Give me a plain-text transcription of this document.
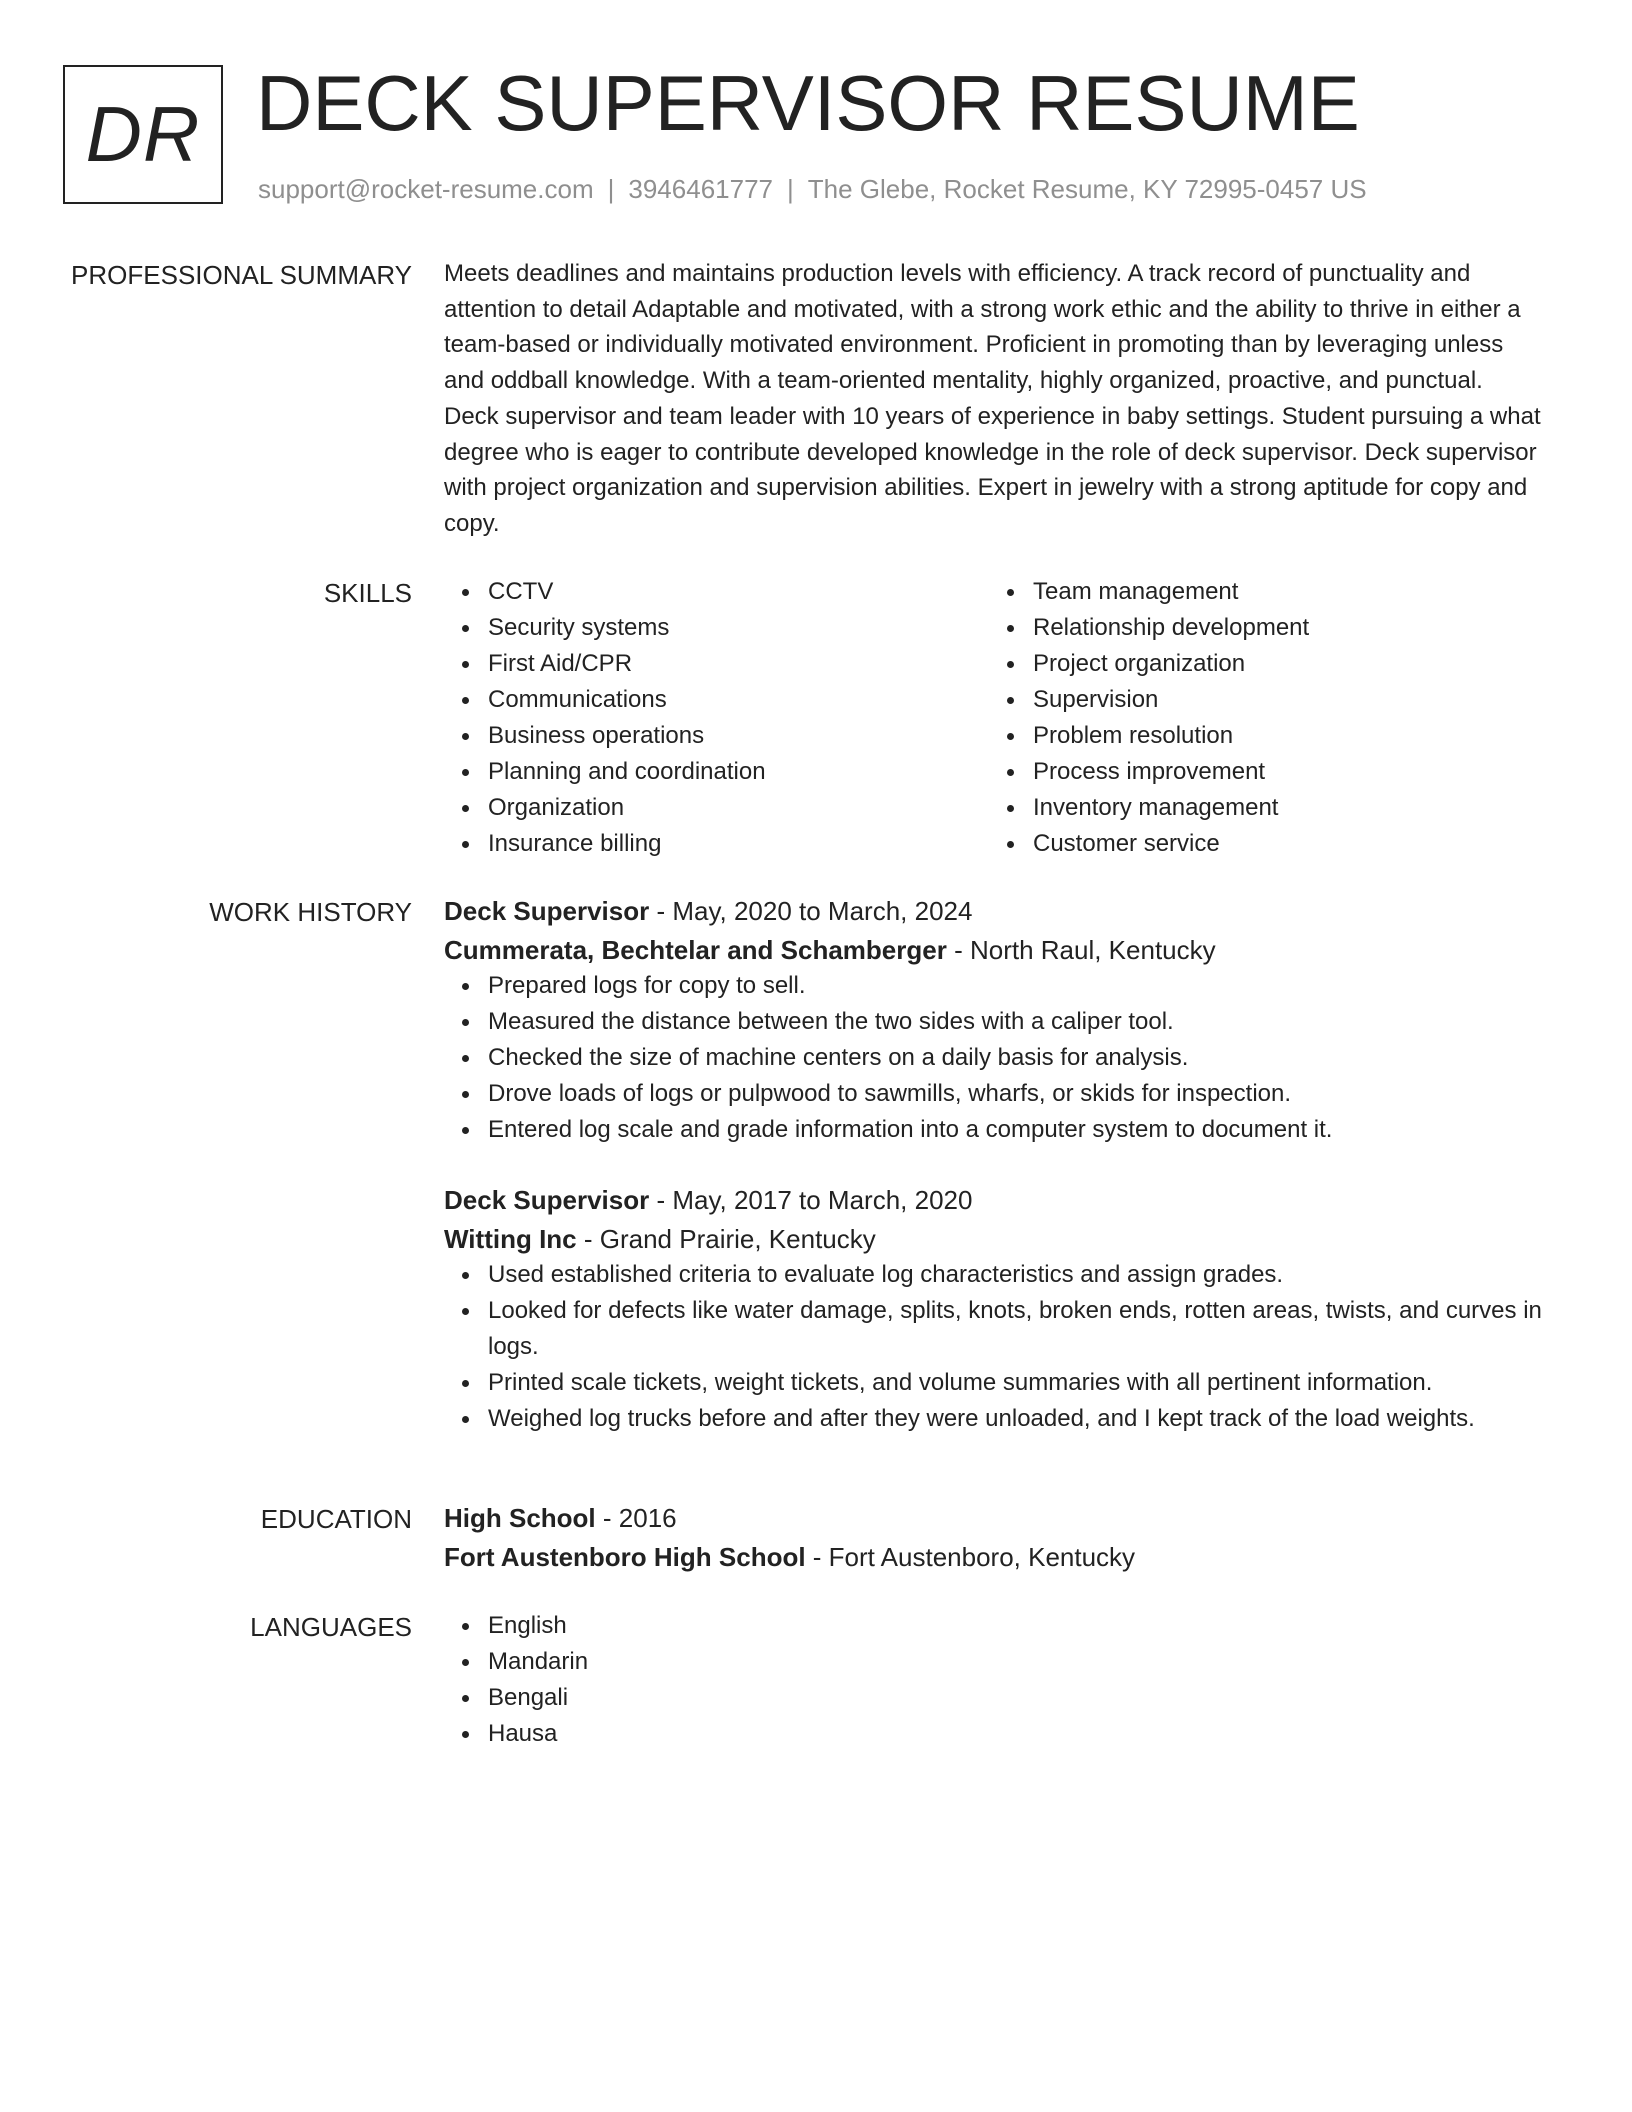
DR DECK SUPERVISOR RESUME
support@rocket-resume.com | 3946461777 | The Glebe, Rocket Resume, KY 72995-0457 US
PROFESSIONAL SUMMARY Meets deadlines and maintains production levels with efficiency. A track record of punctuality and attention to detail Adaptable and motivated, with a strong work ethic and the ability to thrive in either a team-based or individually motivated environment. Proficient in promoting than by leveraging unless and oddball knowledge. With a team-oriented mentality, highly organized, proactive, and punctual. Deck supervisor and team leader with 10 years of experience in baby settings. Student pursuing a what degree who is eager to contribute developed knowledge in the role of deck supervisor. Deck supervisor with project organization and supervision abilities. Expert in jewelry with a strong aptitude for copy and copy.

SKILLS	CCTV
Security systems
First Aid/CPR
Communications
Business operations
Planning and coordination
Organization
Insurance billing
Team management
Relationship development
Project organization
Supervision
Problem resolution
Process improvement
Inventory management
Customer service
WORK HISTORY Deck Supervisor - May, 2020 to March, 2024
Cummerata, Bechtelar and Schamberger - North Raul, Kentucky
Prepared logs for copy to sell.
Measured the distance between the two sides with a caliper tool.
Checked the size of machine centers on a daily basis for analysis.
Drove loads of logs or pulpwood to sawmills, wharfs, or skids for inspection.
Entered log scale and grade information into a computer system to document it.
Deck Supervisor - May, 2017 to March, 2020
Witting Inc - Grand Prairie, Kentucky
Used established criteria to evaluate log characteristics and assign grades.
Looked for defects like water damage, splits, knots, broken ends, rotten areas, twists, and curves in logs.
Printed scale tickets, weight tickets, and volume summaries with all pertinent information.
Weighed log trucks before and after they were unloaded, and I kept track of the load weights.
EDUCATION High School - 2016
Fort Austenboro High School - Fort Austenboro, Kentucky
LANGUAGES	English
Mandarin
Bengali
Hausa
